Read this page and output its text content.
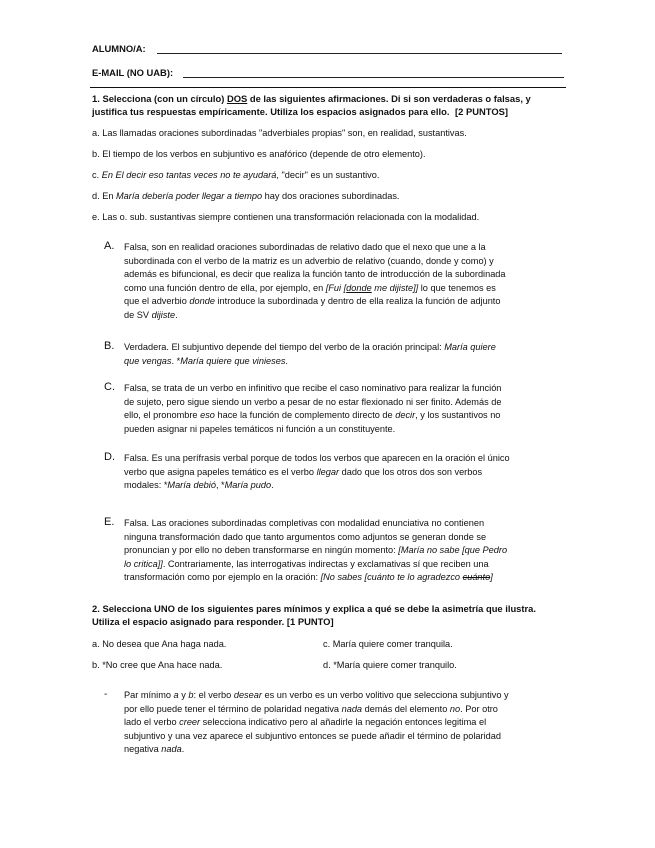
ALUMNO/A:
E-MAIL (NO UAB):
1. Selecciona (con un círculo) DOS de las siguientes afirmaciones. Di si son verdaderas o falsas, y
justifica tus respuestas empíricamente. Utiliza los espacios asignados para ello. [2 PUNTOS]
a. Las llamadas oraciones subordinadas "adverbiales propias" son, en realidad, sustantivas.
b. El tiempo de los verbos en subjuntivo es anafórico (depende de otro elemento).
c. En El decir eso tantas veces no te ayudará, "decir" es un sustantivo.
d. En María debería poder llegar a tiempo hay dos oraciones subordinadas.
e. Las o. sub. sustantivas siempre contienen una transformación relacionada con la modalidad.
A. Falsa, son en realidad oraciones subordinadas de relativo dado que el nexo que une a la
subordinada con el verbo de la matriz es un adverbio de relativo (cuando, donde y como) y
además es bifuncional, es decir que realiza la función tanto de introducción de la subordinada
como una función dentro de ella, por ejemplo, en [Fui [donde me dijiste]] lo que tenemos es
que el adverbio donde introduce la subordinada y dentro de ella realiza la función de adjunto
de SV dijiste.
B. Verdadera. El subjuntivo depende del tiempo del verbo de la oración principal: María quiere
que vengas. *María quiere que vinieses.
C. Falsa, se trata de un verbo en infinitivo que recibe el caso nominativo para realizar la función
de sujeto, pero sigue siendo un verbo a pesar de no estar flexionado ni ser finito. Además de
ello, el pronombre eso hace la función de complemento directo de decir, y los sustantivos no
pueden asignar ni papeles temáticos ni función a un constituyente.
D. Falsa. Es una perífrasis verbal porque de todos los verbos que aparecen en la oración el único
verbo que asigna papeles temático es el verbo llegar dado que los otros dos son verbos
modales: *María debió, *María pudo.
E. Falsa. Las oraciones subordinadas completivas con modalidad enunciativa no contienen
ninguna transformación dado que tanto argumentos como adjuntos se generan donde se
pronuncian y por ello no deben transformarse en ningún momento: [María no sabe [que Pedro
lo critica]]. Contrariamente, las interrogativas indirectas y exclamativas sí que reciben una
transformación como por ejemplo en la oración: [No sabes [cuánto te lo agradezco cuánto]
2. Selecciona UNO de los siguientes pares mínimos y explica a qué se debe la asimetría que ilustra.
Utiliza el espacio asignado para responder. [1 PUNTO]
a. No desea que Ana haga nada.	c. María quiere comer tranquila.
b. *No cree que Ana hace nada.	d. *María quiere comer tranquilo.
- Par mínimo a y b: el verbo desear es un verbo es un verbo volitivo que selecciona subjuntivo y
por ello puede tener el término de polaridad negativa nada demás del elemento no. Por otro
lado el verbo creer selecciona indicativo pero al añadirle la negación entonces legitima el
subjuntivo y una vez aparece el subjuntivo entonces se puede añadir el término de polaridad
negativa nada.
